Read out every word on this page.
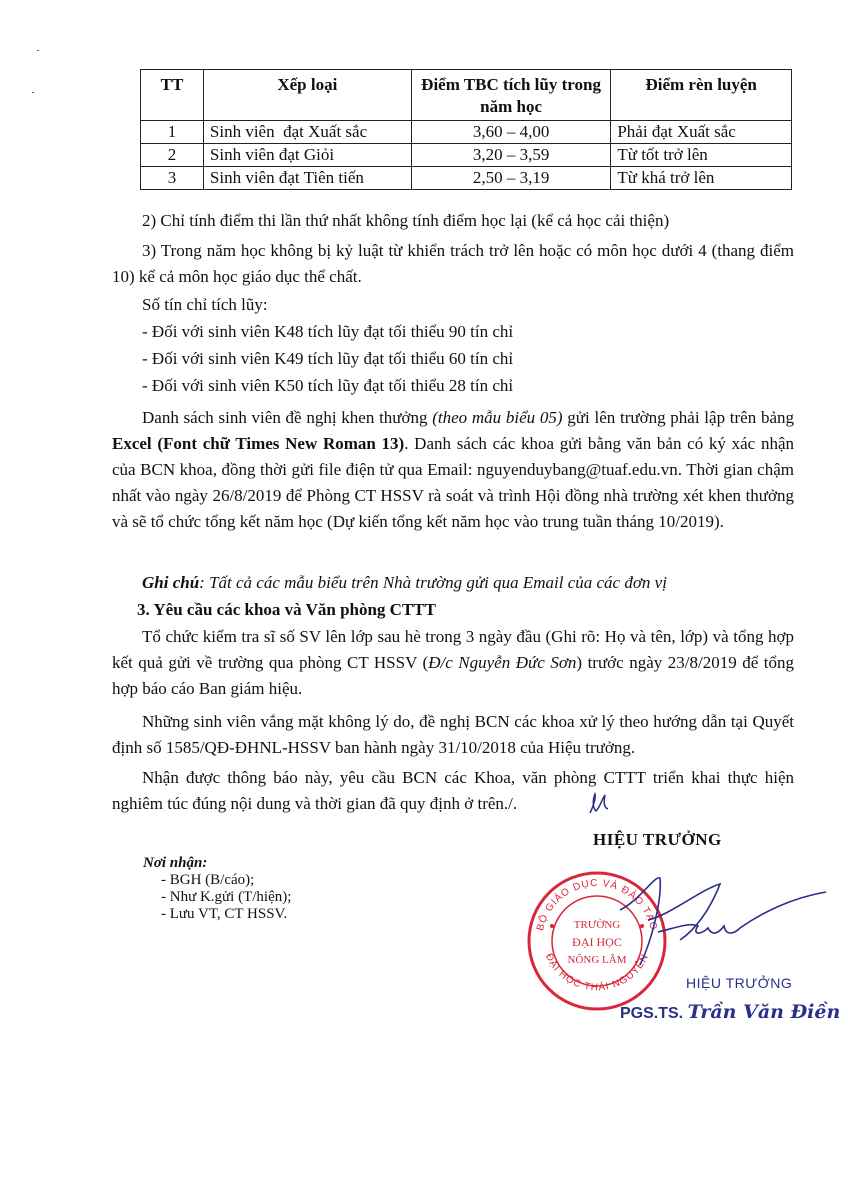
TT	Xếp loại	Điểm TBC tích lũy trong năm học	Điểm rèn luyện
1	Sinh viên  đạt Xuất sắc	3,60 – 4,00	Phải đạt Xuất sắc
2	Sinh viên đạt Giỏi	3,20 – 3,59	Từ tốt trở lên
3	Sinh viên đạt Tiên tiến	2,50 – 3,19	Từ khá trở lên
2) Chỉ tính điểm thi lần thứ nhất không tính điểm học lại (kể cả học cải thiện)
3) Trong năm học không bị kỷ luật từ khiển trách trở lên hoặc có môn học dưới 4 (thang điểm 10) kể cả môn học giáo dục thể chất.
Số tín chỉ tích lũy:
- Đối với sinh viên K48 tích lũy đạt tối thiểu 90 tín chỉ
- Đối với sinh viên K49 tích lũy đạt tối thiểu 60 tín chỉ
- Đối với sinh viên K50 tích lũy đạt tối thiểu 28 tín chỉ
Danh sách sinh viên đề nghị khen thưởng (theo mẫu biểu 05) gửi lên trường phải lập trên bảng Excel (Font chữ Times New Roman 13). Danh sách các khoa gửi bằng văn bản có ký xác nhận của BCN khoa, đồng thời gửi file điện tử qua Email: nguyenduybang@tuaf.edu.vn. Thời gian chậm nhất vào ngày 26/8/2019 để Phòng CT HSSV rà soát và trình Hội đồng nhà trường xét khen thưởng và sẽ tổ chức tổng kết năm học (Dự kiến tổng kết năm học vào trung tuần tháng 10/2019).
Ghi chú: Tất cả các mẫu biểu trên Nhà trường gửi qua Email của các đơn vị
3. Yêu cầu các khoa và Văn phòng CTTT
Tổ chức kiểm tra sĩ số SV lên lớp sau hè trong 3 ngày đầu (Ghi rõ: Họ và tên, lớp) và tổng hợp kết quả gửi về trường qua phòng CT HSSV (Đ/c Nguyễn Đức Sơn) trước ngày 23/8/2019 để tổng hợp báo cáo Ban giám hiệu.
Những sinh viên vắng mặt không lý do, đề nghị BCN các khoa xử lý theo hướng dẫn tại Quyết định số 1585/QĐ-ĐHNL-HSSV ban hành ngày 31/10/2018 của Hiệu trưởng.
Nhận được thông báo này, yêu cầu BCN các Khoa, văn phòng CTTT triển khai thực hiện nghiêm túc đúng nội dung và thời gian đã quy định ở trên./.
HIỆU TRƯỞNG
Nơi nhận:
- BGH (B/cáo);
- Như K.gửi (T/hiện);
- Lưu VT, CT HSSV.
BỘ GIÁO DỤC VÀ ĐÀO TẠO
ĐẠI HỌC THÁI NGUYÊN
TRƯỜNG
ĐẠI HỌC
NÔNG LÂM
HIỆU TRƯỞNG
PGS.TS. Trần Văn Điền
